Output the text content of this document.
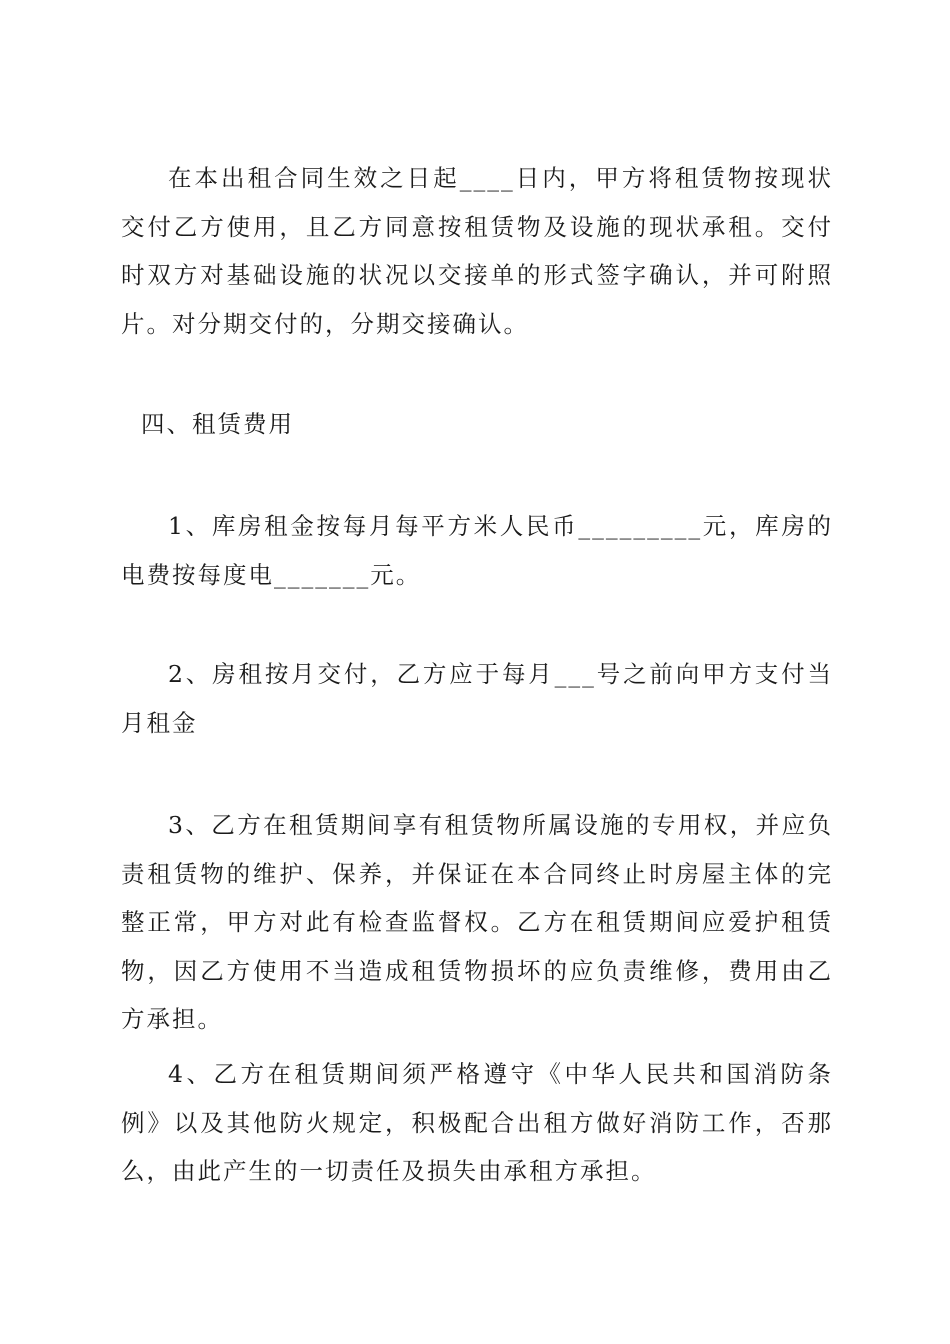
在本出租合同生效之日起____日内，甲方将租赁物按现状交付乙方使用，且乙方同意按租赁物及设施的现状承租。交付时双方对基础设施的状况以交接单的形式签字确认，并可附照片。对分期交付的，分期交接确认。

四、租赁费用

1、库房租金按每月每平方米人民币_________元，库房的电费按每度电_______元。

2、房租按月交付，乙方应于每月___号之前向甲方支付当月租金

3、乙方在租赁期间享有租赁物所属设施的专用权，并应负责租赁物的维护、保养，并保证在本合同终止时房屋主体的完整正常，甲方对此有检查监督权。乙方在租赁期间应爱护租赁物，因乙方使用不当造成租赁物损坏的应负责维修，费用由乙方承担。

4、乙方在租赁期间须严格遵守《中华人民共和国消防条例》以及其他防火规定，积极配合出租方做好消防工作，否那么，由此产生的一切责任及损失由承租方承担。
